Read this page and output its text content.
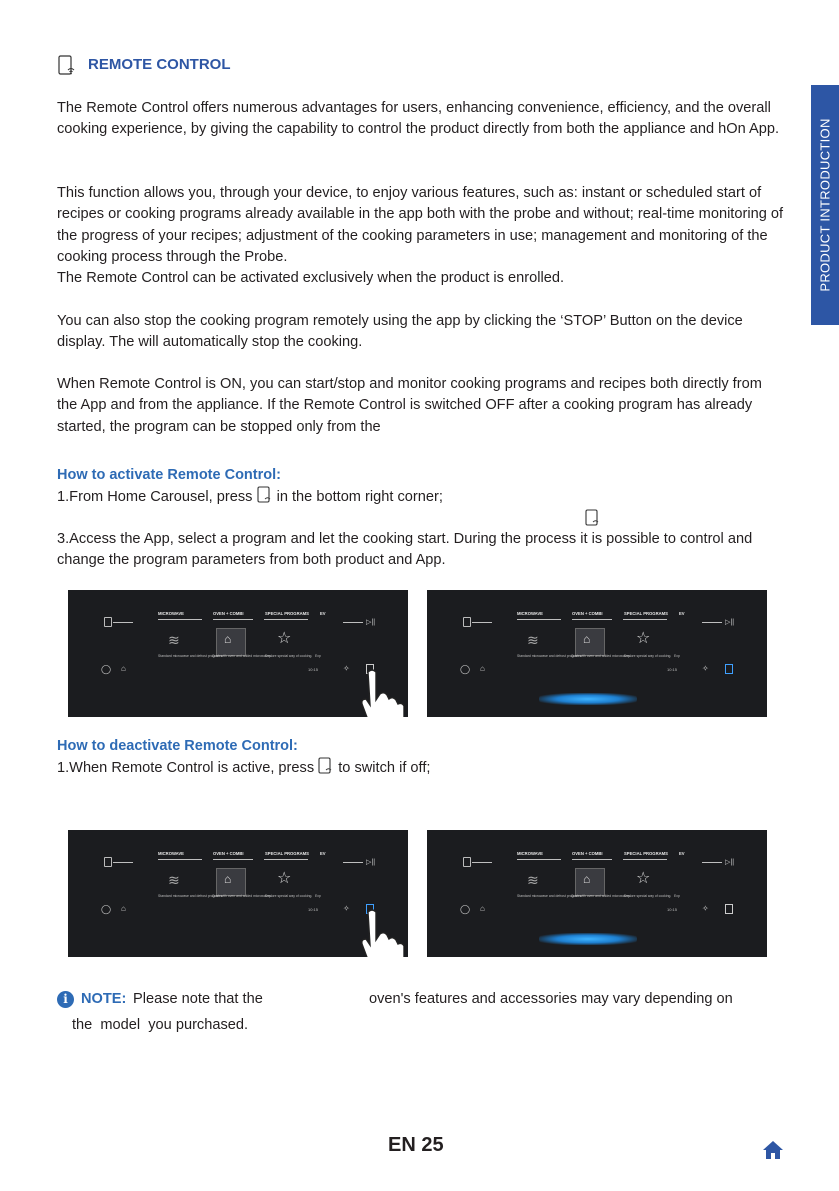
PRODUCT INTRODUCTION
REMOTE CONTROL
The Remote Control offers numerous advantages for users, enhancing convenience, efficiency, and the overall cooking experience, by giving the capability to control the product directly from both the appliance and hOn App.
This function allows you, through your device, to enjoy various features, such as: instant or scheduled start of recipes or cooking programs already available in the app both with the probe and without; real-time monitoring of the progress of your recipes; adjustment of the cooking parameters in use; management and monitoring of the cooking process through the Probe.
The Remote Control can be activated exclusively when the product is enrolled.
You can also stop the cooking program remotely using the app by clicking the ‘STOP’ Button on the device display. The will automatically stop the cooking.
When Remote Control is ON, you can start/stop and monitor cooking programs and recipes both directly from the App and from the appliance. If the Remote Control is switched OFF after a cooking program has already started, the program can be stopped only from the
How to activate Remote Control:
1.From Home Carousel, press in the bottom right corner;
3.Access the App, select a program and let the cooking start. During the process it is possible to control and change the program parameters from both product and App.
▷||
MICROWAVE	OVEN + COMBI	SPECIAL PROGRAMS	EV
≋	⌂	☆
Standard microwave and defrost programs.
Cook with oven and added microwaves.
Explore special way of cooking. Exp
10:15
◯ ⌂	✧
▷||
MICROWAVE	OVEN + COMBI	SPECIAL PROGRAMS	EV
≋	⌂	☆
Standard microwave and defrost programs.
Cook with oven and added microwaves.
Explore special way of cooking. Exp
10:15
◯ ⌂	✧
How to deactivate Remote Control:
1.When Remote Control is active, press to switch if off;
▷||
MICROWAVE	OVEN + COMBI	SPECIAL PROGRAMS	EV
≋	⌂	☆
Standard microwave and defrost programs.
Cook with oven and added microwaves.
Explore special way of cooking. Exp
10:15
◯ ⌂	✧
▷||
MICROWAVE	OVEN + COMBI	SPECIAL PROGRAMS	EV
≋	⌂	☆
Standard microwave and defrost programs.
Cook with oven and added microwaves.
Explore special way of cooking. Exp
10:15
◯ ⌂	✧
i NOTE: Please note that the	oven's features and accessories may vary depending on
the  model  you purchased.
EN 25
